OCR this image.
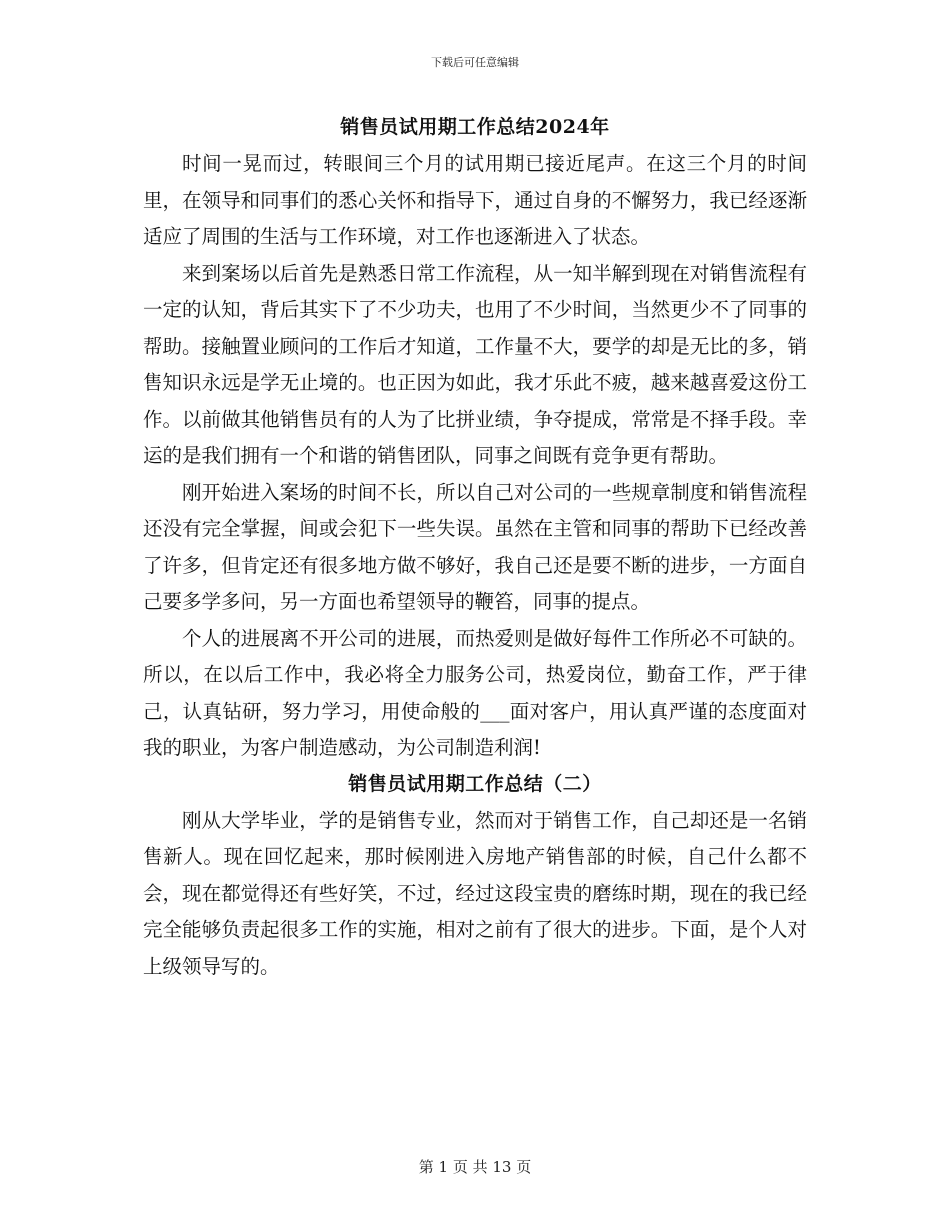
下载后可任意编辑
销售员试用期工作总结2024年

时间一晃而过，转眼间三个月的试用期已接近尾声。在这三个月的时间里，在领导和同事们的悉心关怀和指导下，通过自身的不懈努力，我已经逐渐适应了周围的生活与工作环境，对工作也逐渐进入了状态。

来到案场以后首先是熟悉日常工作流程，从一知半解到现在对销售流程有一定的认知，背后其实下了不少功夫，也用了不少时间，当然更少不了同事的帮助。接触置业顾问的工作后才知道，工作量不大，要学的却是无比的多，销售知识永远是学无止境的。也正因为如此，我才乐此不疲，越来越喜爱这份工作。以前做其他销售员有的人为了比拼业绩，争夺提成，常常是不择手段。幸运的是我们拥有一个和谐的销售团队，同事之间既有竞争更有帮助。

刚开始进入案场的时间不长，所以自己对公司的一些规章制度和销售流程还没有完全掌握，间或会犯下一些失误。虽然在主管和同事的帮助下已经改善了许多，但肯定还有很多地方做不够好，我自己还是要不断的进步，一方面自己要多学多问，另一方面也希望领导的鞭笞，同事的提点。

个人的进展离不开公司的进展，而热爱则是做好每件工作所必不可缺的。所以，在以后工作中，我必将全力服务公司，热爱岗位，勤奋工作，严于律己，认真钻研，努力学习，用使命般的___面对客户，用认真严谨的态度面对我的职业，为客户制造感动，为公司制造利润!

销售员试用期工作总结（二）

刚从大学毕业，学的是销售专业，然而对于销售工作，自己却还是一名销售新人。现在回忆起来，那时候刚进入房地产销售部的时候，自己什么都不会，现在都觉得还有些好笑，不过，经过这段宝贵的磨练时期，现在的我已经完全能够负责起很多工作的实施，相对之前有了很大的进步。下面，是个人对上级领导写的。

第 1 页 共 13 页
